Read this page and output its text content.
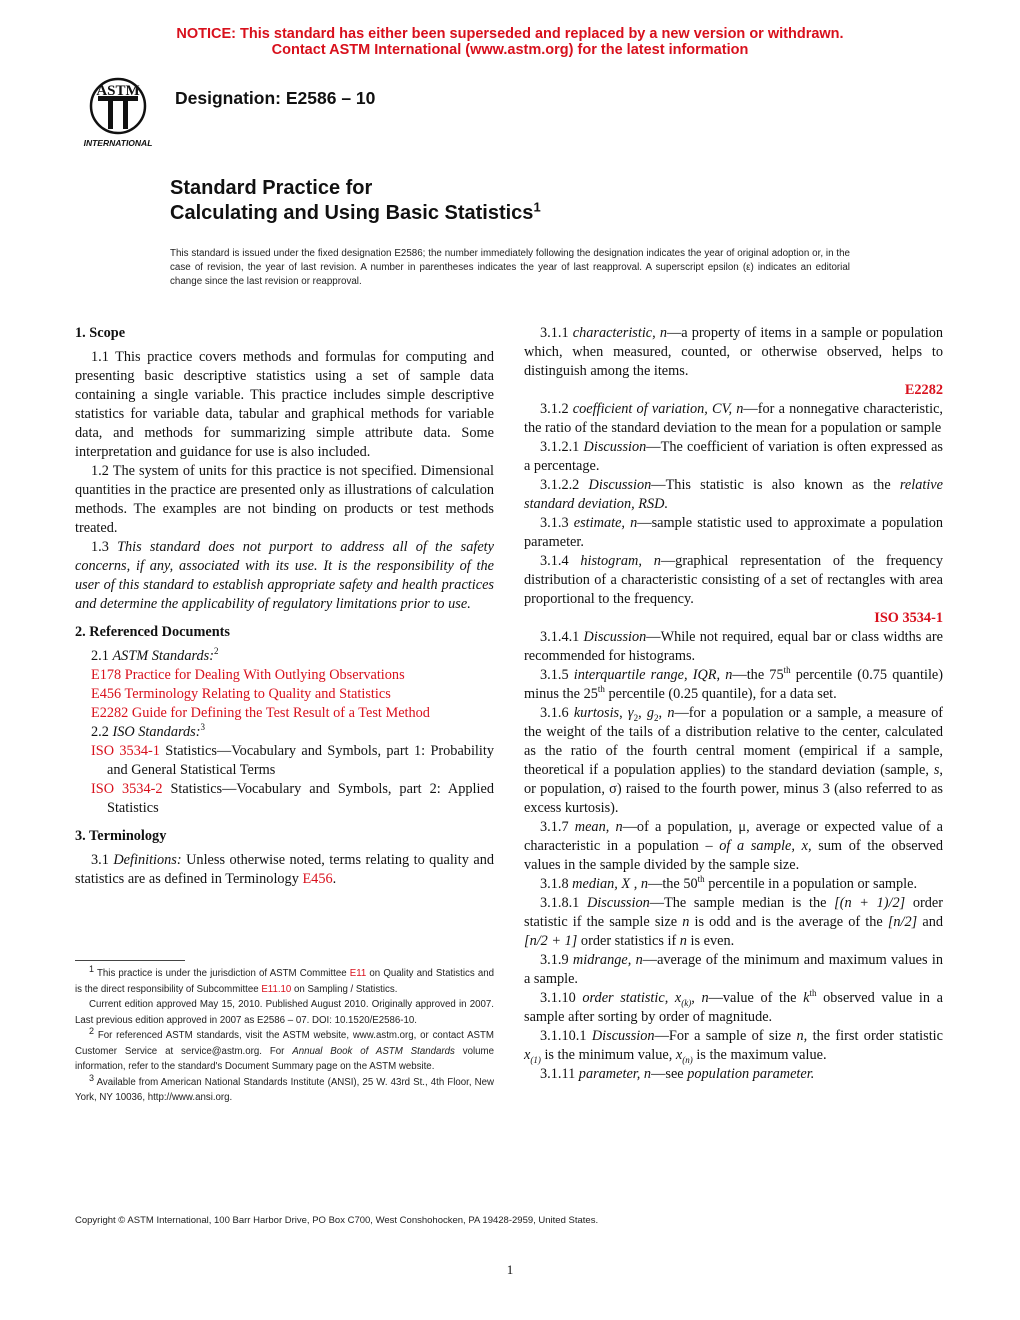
NOTICE: This standard has either been superseded and replaced by a new version or withdrawn.
Contact ASTM International (www.astm.org) for the latest information
ASTM
INTERNATIONAL
Designation: E2586 – 10
Standard Practice for
Calculating and Using Basic Statistics$^1$
This standard is issued under the fixed designation E2586; the number immediately following the designation indicates the year of original adoption or, in the case of revision, the year of last revision. A number in parentheses indicates the year of last reapproval. A superscript epsilon (ε) indicates an editorial change since the last revision or reapproval.

1. Scope

1.1 This practice covers methods and formulas for computing and presenting basic descriptive statistics using a set of sample data containing a single variable. This practice includes simple descriptive statistics for variable data, tabular and graphical methods for variable data, and methods for summarizing simple attribute data. Some interpretation and guidance for use is also included.

1.2 The system of units for this practice is not specified. Dimensional quantities in the practice are presented only as illustrations of calculation methods. The examples are not binding on products or test methods treated.

1.3 This standard does not purport to address all of the safety concerns, if any, associated with its use. It is the responsibility of the user of this standard to establish appropriate safety and health practices and determine the applicability of regulatory limitations prior to use.

2. Referenced Documents

2.1 ASTM Standards:$^2$

E178 Practice for Dealing With Outlying Observations

E456 Terminology Relating to Quality and Statistics

E2282 Guide for Defining the Test Result of a Test Method

2.2 ISO Standards:$^3$

ISO 3534-1 Statistics—Vocabulary and Symbols, part 1: Probability and General Statistical Terms

ISO 3534-2 Statistics—Vocabulary and Symbols, part 2: Applied Statistics

3. Terminology

3.1 Definitions: Unless otherwise noted, terms relating to quality and statistics are as defined in Terminology E456.

$^1$ This practice is under the jurisdiction of ASTM Committee E11 on Quality and Statistics and is the direct responsibility of Subcommittee E11.10 on Sampling / Statistics.

Current edition approved May 15, 2010. Published August 2010. Originally approved in 2007. Last previous edition approved in 2007 as E2586 – 07. DOI: 10.1520/E2586-10.

$^2$ For referenced ASTM standards, visit the ASTM website, www.astm.org, or contact ASTM Customer Service at service@astm.org. For Annual Book of ASTM Standards volume information, refer to the standard's Document Summary page on the ASTM website.

$^3$ Available from American National Standards Institute (ANSI), 25 W. 43rd St., 4th Floor, New York, NY 10036, http://www.ansi.org.

3.1.1 characteristic, n—a property of items in a sample or population which, when measured, counted, or otherwise observed, helps to distinguish among the items.

E2282

3.1.2 coefficient of variation, CV, n—for a nonnegative characteristic, the ratio of the standard deviation to the mean for a population or sample

3.1.2.1 Discussion—The coefficient of variation is often expressed as a percentage.

3.1.2.2 Discussion—This statistic is also known as the relative standard deviation, RSD.

3.1.3 estimate, n—sample statistic used to approximate a population parameter.

3.1.4 histogram, n—graphical representation of the frequency distribution of a characteristic consisting of a set of rectangles with area proportional to the frequency.

ISO 3534-1

3.1.4.1 Discussion—While not required, equal bar or class widths are recommended for histograms.

3.1.5 interquartile range, IQR, n—the 75th percentile (0.75 quantile) minus the 25th percentile (0.25 quantile), for a data set.

3.1.6 kurtosis, $\gamma_2$, $g_2$, n—for a population or a sample, a measure of the weight of the tails of a distribution relative to the center, calculated as the ratio of the fourth central moment (empirical if a sample, theoretical if a population applies) to the standard deviation (sample, s, or population, σ) raised to the fourth power, minus 3 (also referred to as excess kurtosis).

3.1.7 mean, n—of a population, μ, average or expected value of a characteristic in a population – of a sample, x, sum of the observed values in the sample divided by the sample size.

3.1.8 median, X , n—the 50th percentile in a population or sample.

3.1.8.1 Discussion—The sample median is the [(n + 1)/2] order statistic if the sample size n is odd and is the average of the [n/2] and [n/2 + 1] order statistics if n is even.

3.1.9 midrange, n—average of the minimum and maximum values in a sample.

3.1.10 order statistic, $x_{(k)}$, n—value of the $k^{th}$ observed value in a sample after sorting by order of magnitude.

3.1.10.1 Discussion—For a sample of size n, the first order statistic $x_{(1)}$ is the minimum value, $x_{(n)}$ is the maximum value.

3.1.11 parameter, n—see population parameter.

Copyright © ASTM International, 100 Barr Harbor Drive, PO Box C700, West Conshohocken, PA 19428-2959, United States.
1
